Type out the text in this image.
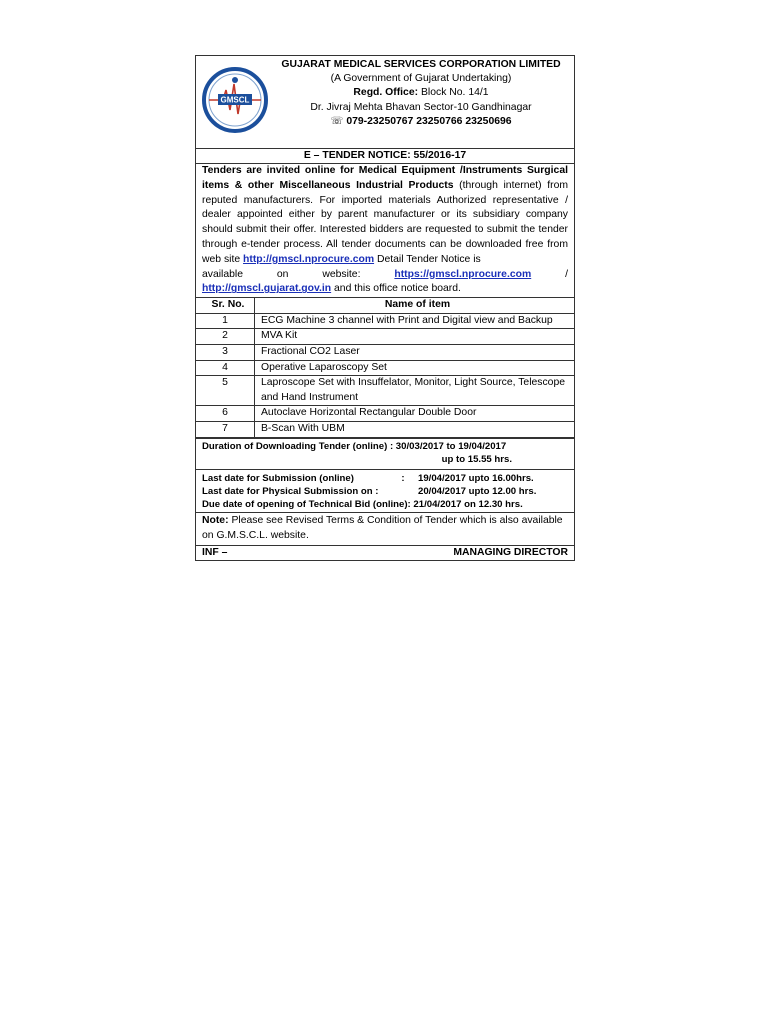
GMSCL
GUJARAT MEDICAL SERVICES CORPORATION LIMITED
(A Government of Gujarat Undertaking)
Regd. Office: Block No. 14/1
Dr. Jivraj Mehta Bhavan Sector-10 Gandhinagar
☏ 079-23250767 23250766 23250696
E – TENDER NOTICE: 55/2016-17
Tenders are invited online for Medical Equipment /Instruments Surgical items & other Miscellaneous Industrial Products (through internet) from reputed manufacturers. For imported materials Authorized representative / dealer appointed either by parent manufacturer or its subsidiary company should submit their offer. Interested bidders are requested to submit the tender through e-tender process. All tender documents can be downloaded free from web site http://gmscl.nprocure.com Detail Tender Notice is
available	on	website:	https://gmscl.nprocure.com	/
http://gmscl.gujarat.gov.in and this office notice board.
Sr. No.	Name of item
1	ECG Machine 3 channel with Print and Digital view and Backup
2	MVA Kit
3	Fractional CO2 Laser
4	Operative Laparoscopy Set
5	Laproscope Set with Insuffelator, Monitor, Light Source, Telescope and Hand Instrument
6	Autoclave Horizontal Rectangular Double Door
7	B-Scan With UBM
Duration of Downloading Tender (online) : 30/03/2017 to 19/04/2017
up to 15.55 hrs.
Last date for Submission (online)	:	19/04/2017 upto 16.00hrs.
Last date for Physical Submission on :	20/04/2017 upto 12.00 hrs.
Due date of opening of Technical Bid (online): 21/04/2017 on 12.30 hrs.
Note: Please see Revised Terms & Condition of Tender which is also available on G.M.S.C.L. website.
INF –	MANAGING DIRECTOR
